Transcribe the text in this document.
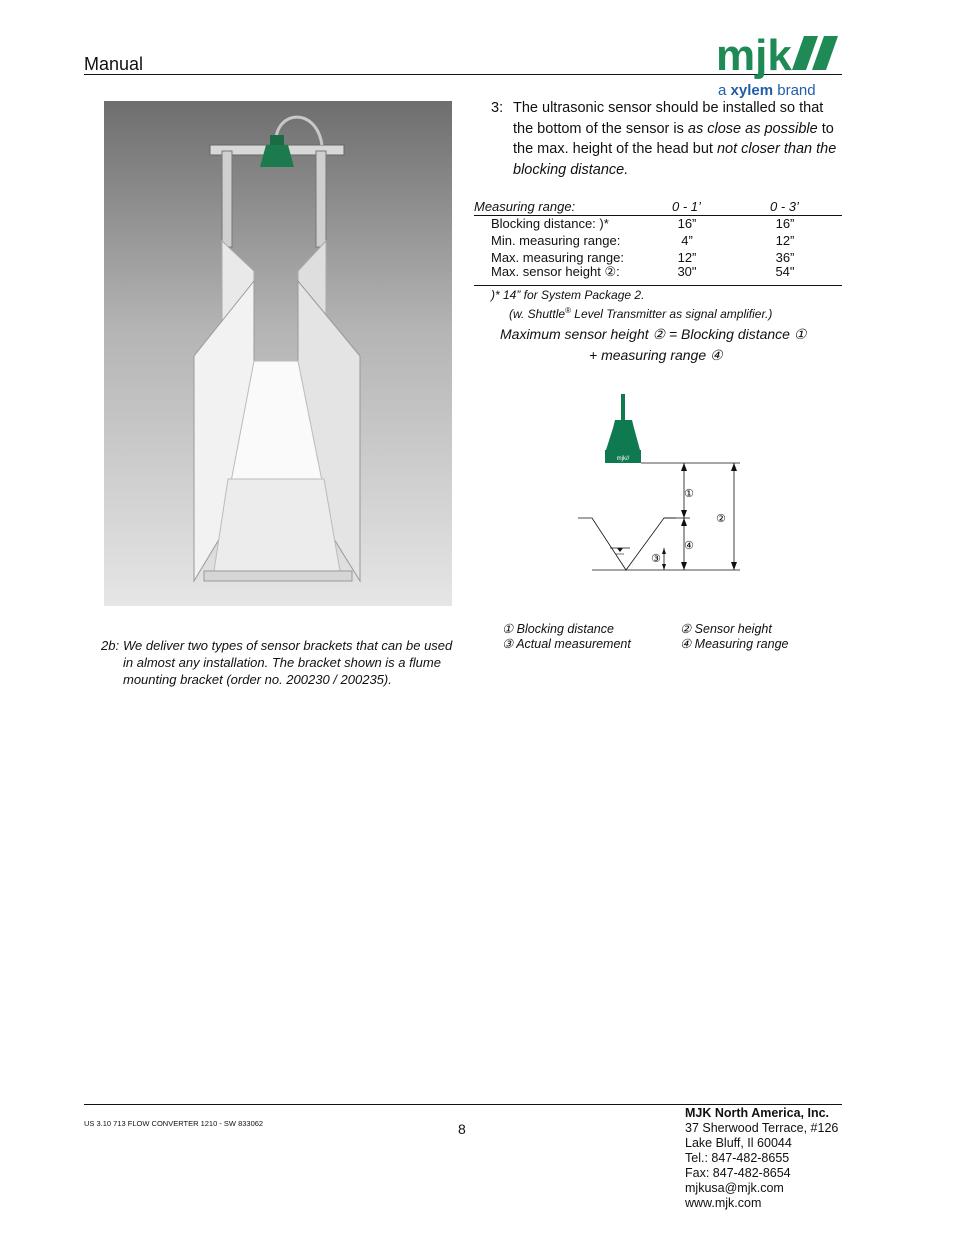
Manual	mjk
a xylem brand
2b: We deliver two types of sensor brackets that can be used in almost any installation. The bracket shown is a flume mounting bracket (order no. 200230 / 200235).
3: The ultrasonic sensor should be installed so that the bottom of the sensor is as close as possible to the max. height of the head but not closer than the blocking distance.
Measuring range:	0 - 1’	0 - 3’
Blocking distance: )*	16”	16”
Min. measuring range:	4”	12”
Max. measuring range:	12”	36”
Max. sensor height ②:	30"	54"
)* 14” for System Package 2.
(w. Shuttle® Level Transmitter as signal amplifier.)
Maximum sensor height ② = Blocking distance ①
+ measuring range ④
mjk//
①
②
③
④
① Blocking distance	② Sensor height
③ Actual measurement	④ Measuring range
US 3.10 713 FLOW CONVERTER 1210 - SW 833062	8
MJK North America, Inc.
37 Sherwood Terrace, #126
Lake Bluff, Il 60044
Tel.: 847-482-8655
Fax: 847-482-8654
mjkusa@mjk.com
www.mjk.com
